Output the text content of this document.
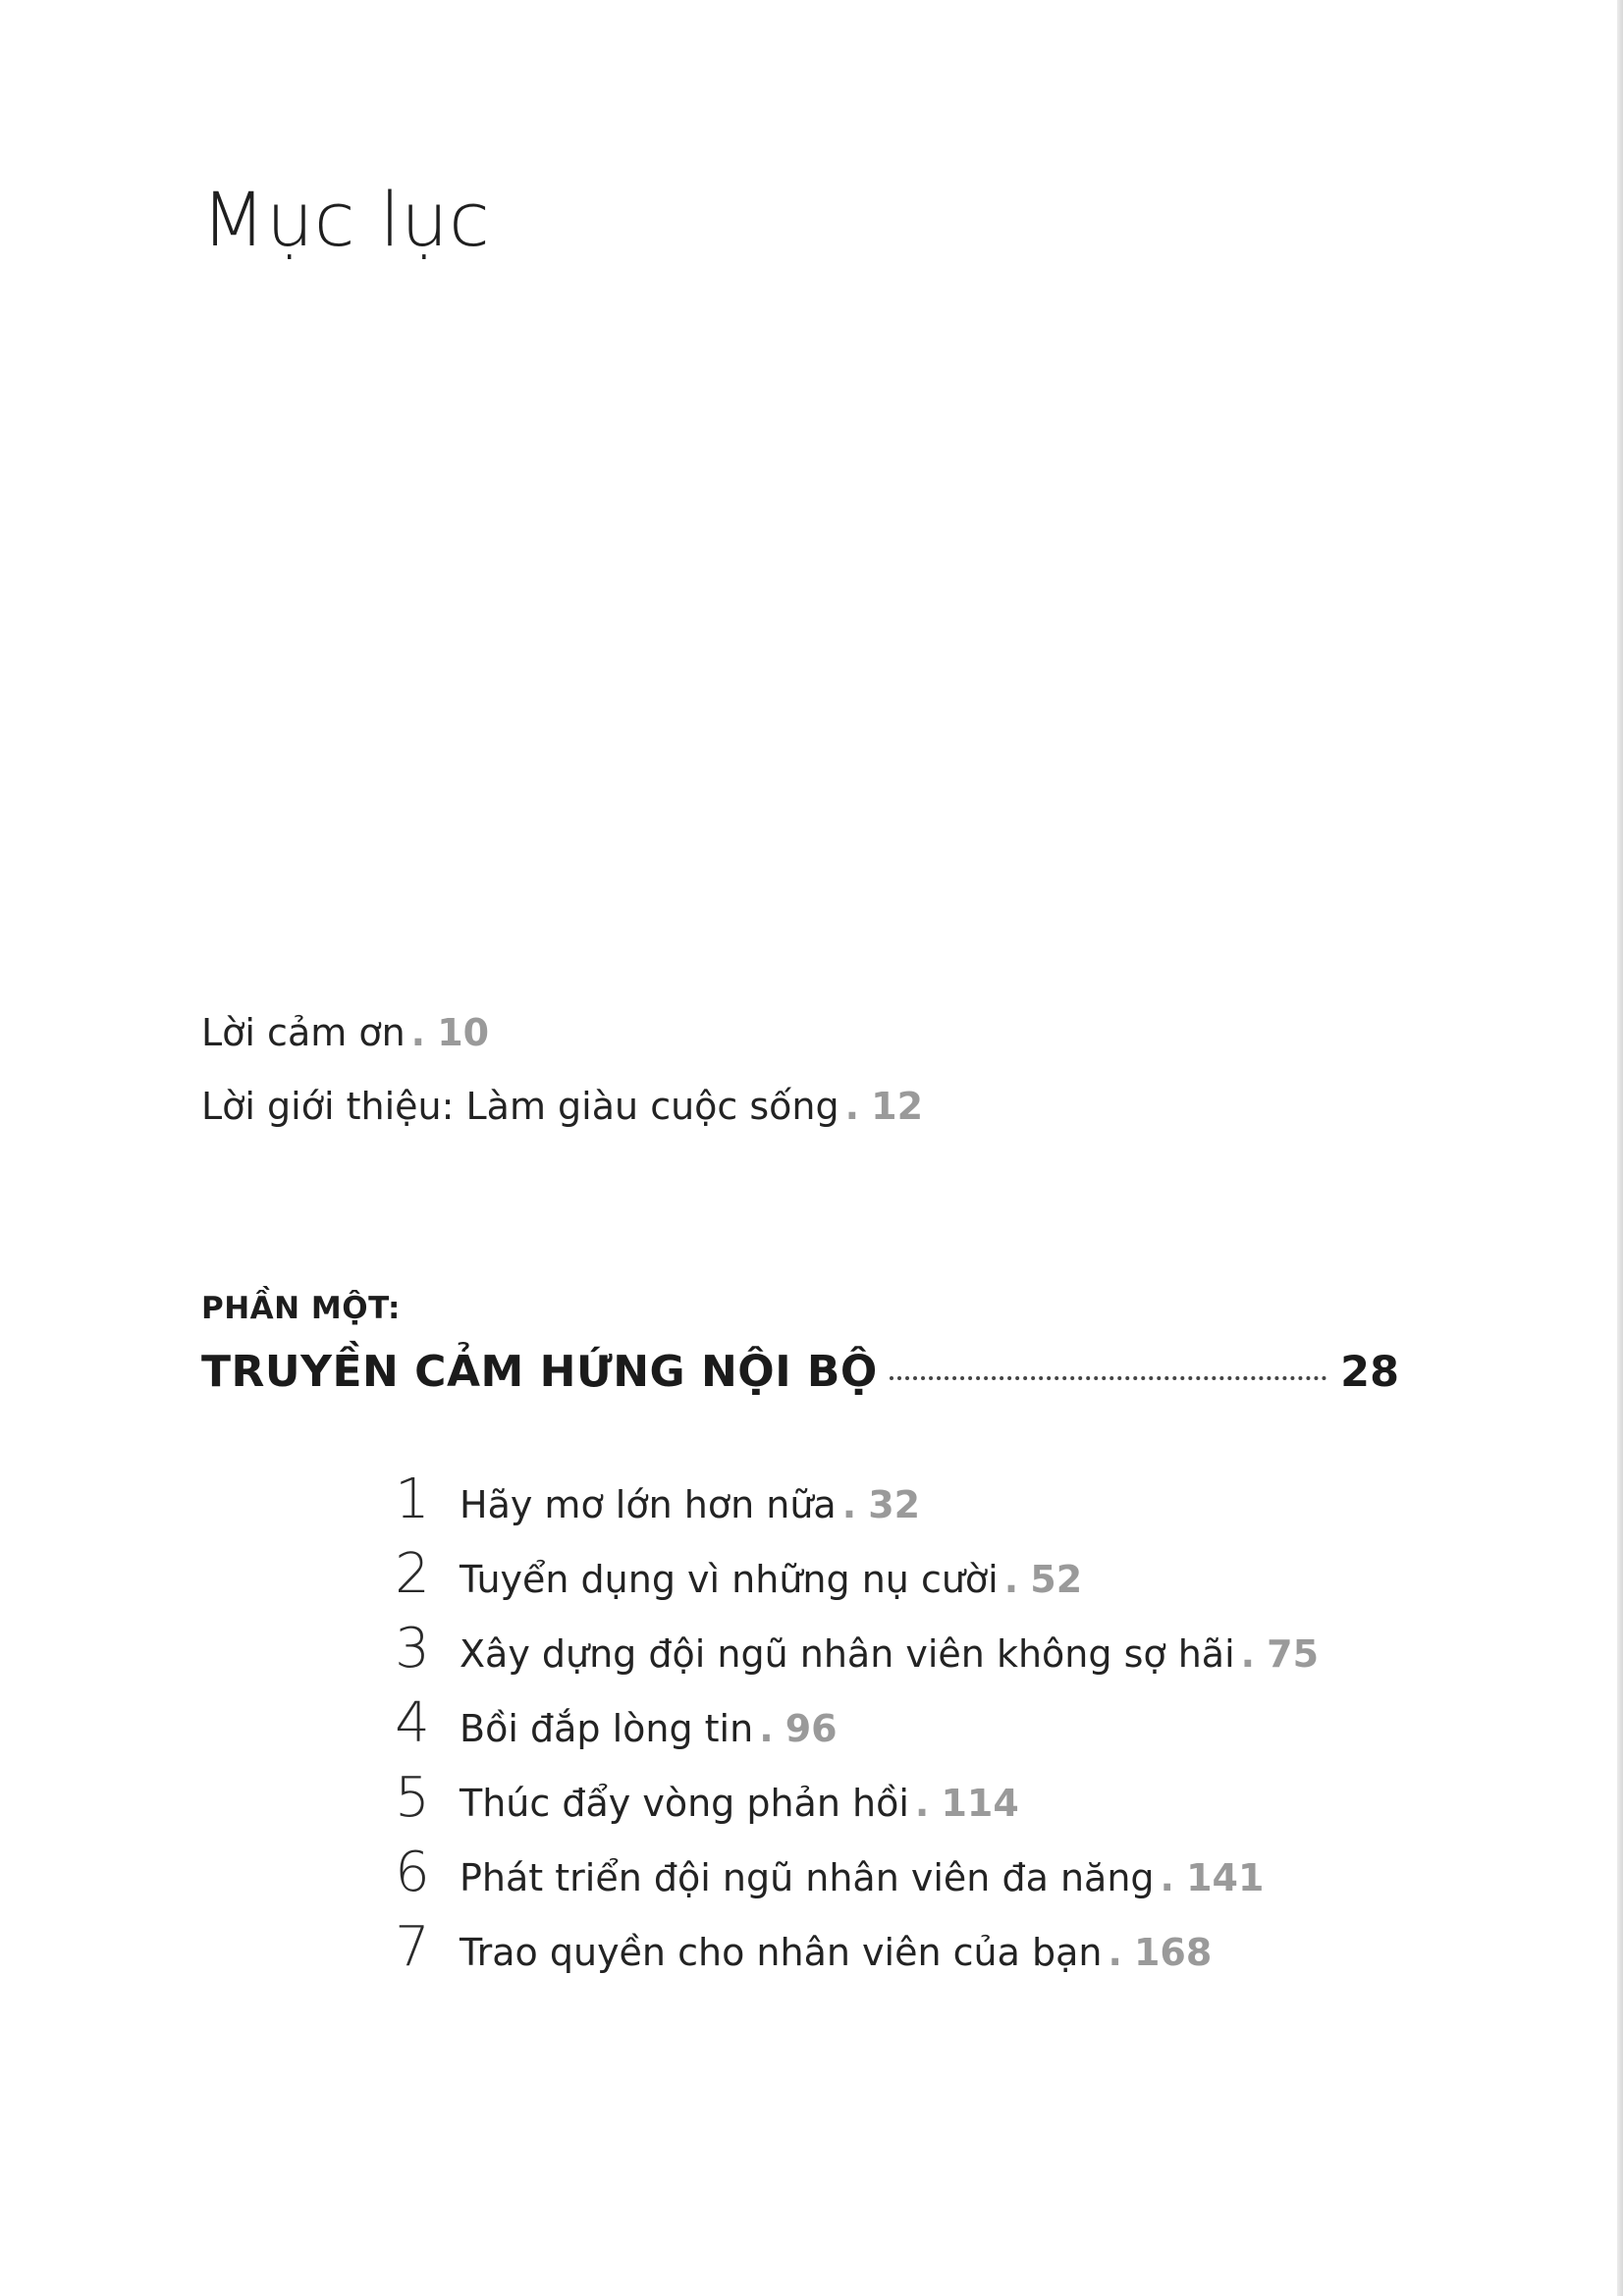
Mục lục
Lời cảm ơn . 10
Lời giới thiệu: Làm giàu cuộc sống . 12
PHẦN MỘT:
TRUYỀN CẢM HỨNG NỘI BỘ	28
1 Hãy mơ lớn hơn nữa . 32
2 Tuyển dụng vì những nụ cười . 52
3 Xây dựng đội ngũ nhân viên không sợ hãi . 75
4 Bồi đắp lòng tin . 96
5 Thúc đẩy vòng phản hồi . 114
6 Phát triển đội ngũ nhân viên đa năng . 141
7 Trao quyền cho nhân viên của bạn . 168
